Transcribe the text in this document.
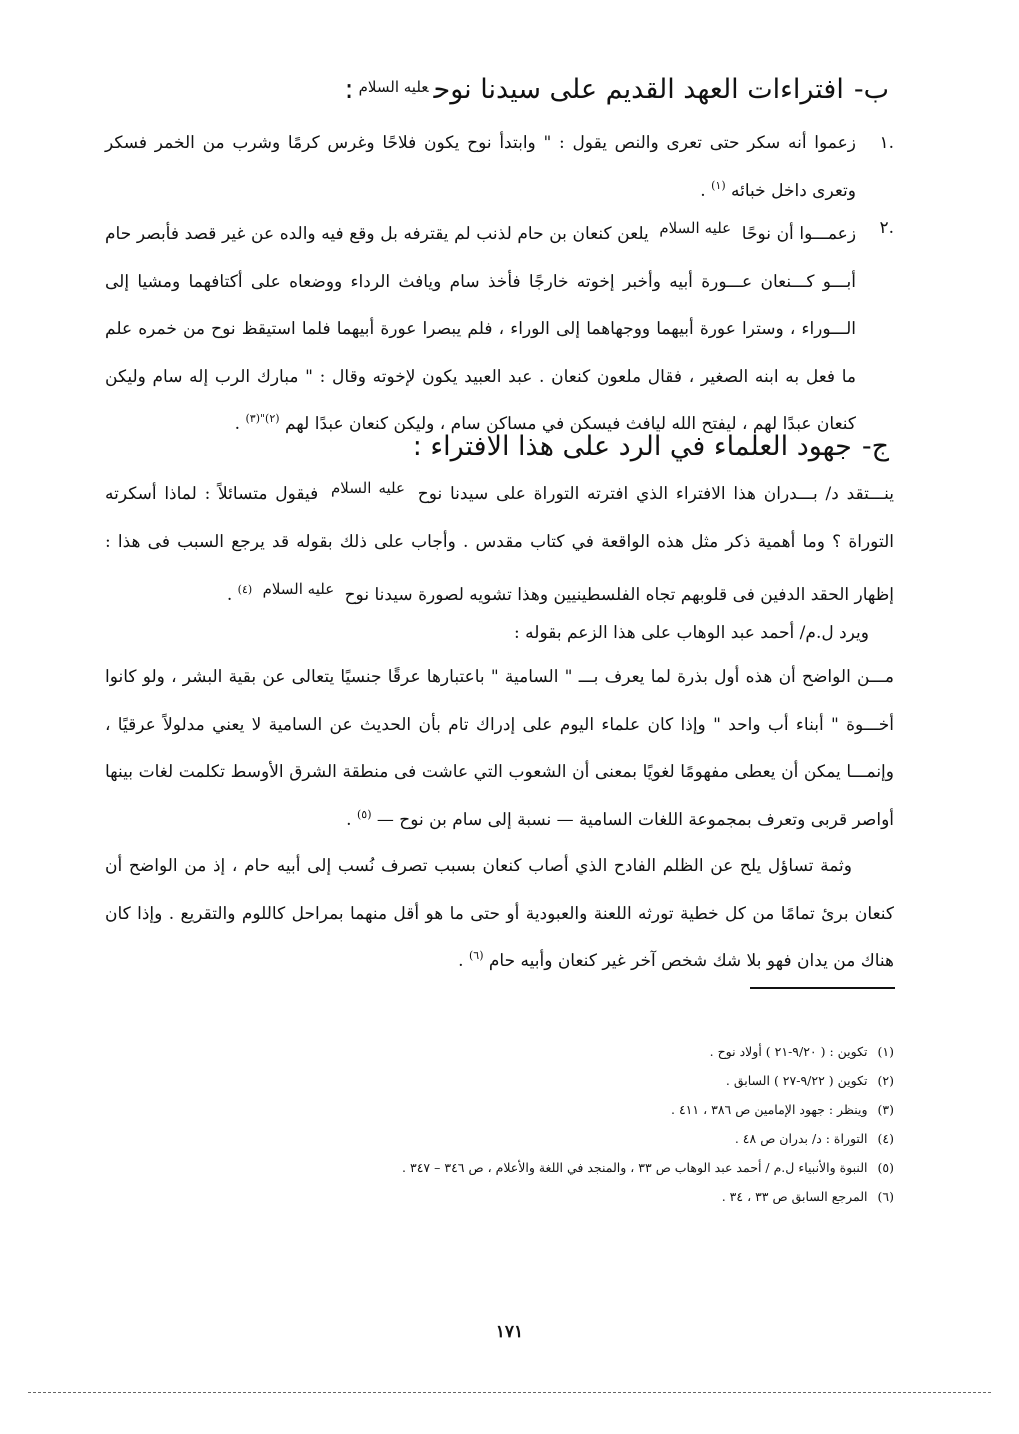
ب-افتراءات العهد القديم على سيدنا نوح$^{عليه السلام}$:

.١
زعموا أنه سكر حتى تعرى والنص يقول : " وابتدأ نوح يكون فلاحًا وغرس كرمًا وشرب من الخمر فسكر وتعرى داخل خبائه $^{(١)}$ .

.٢
زعمـــوا أن نوحًا عليه السلام يلعن كنعان بن حام لذنب لم يقترفه بل وقع فيه والده عن غير قصد فأبصر حام أبـــو كـــنعان عـــورة أبيه وأخبر إخوته خارجًا فأخذ سام ويافث الرداء ووضعاه على أكتافهما ومشيا إلى الـــوراء ، وسترا عورة أبيهما ووجهاهما إلى الوراء ، فلم يبصرا عورة أبيهما فلما استيقظ نوح من خمره علم ما فعل به ابنه الصغير ، فقال ملعون كنعان . عبد العبيد يكون لإخوته وقال : " مبارك الرب إله سام وليكن كنعان عبدًا لهم ، ليفتح الله ليافث فيسكن في مساكن سام ، وليكن كنعان عبدًا لهم $^{(٢)"(٣)}$ .

ج-جهود العلماء في الرد على هذا الافتراء :

ينـــتقد د/ بـــدران هذا الافتراء الذي افترته التوراة على سيدنا نوح عليه السلام فيقول متسائلاً : لماذا أسكرته التوراة ؟ وما أهمية ذكر مثل هذه الواقعة في كتاب مقدس . وأجاب على ذلك بقوله قد يرجع السبب فى هذا : إظهار الحقد الدفين فى قلوبهم تجاه الفلسطينيين وهذا تشويه لصورة سيدنا نوح عليه السلام $^{(٤)}$ .

ويرد ل.م/ أحمد عبد الوهاب على هذا الزعم بقوله :

مـــن الواضح أن هذه أول بذرة لما يعرف بـــ " السامية " باعتبارها عرقًا جنسيًا يتعالى عن بقية البشر ، ولو كانوا أخـــوة " أبناء أب واحد " وإذا كان علماء اليوم على إدراك تام بأن الحديث عن السامية لا يعني مدلولاً عرقيًا ، وإنمـــا يمكن أن يعطى مفهومًا لغويًا بمعنى أن الشعوب التي عاشت فى منطقة الشرق الأوسط تكلمت لغات بينها أواصر قربى وتعرف بمجموعة اللغات السامية — نسبة إلى سام بن نوح — $^{(٥)}$ .

وثمة تساؤل يلح عن الظلم الفادح الذي أصاب كنعان بسبب تصرف نُسب إلى أبيه حام ، إذ من الواضح أن كنعان برئ تمامًا من كل خطية تورثه اللعنة والعبودية أو حتى ما هو أقل منهما بمراحل كاللوم والتقريع . وإذا كان هناك من يدان فهو بلا شك شخص آخر غير كنعان وأبيه حام $^{(٦)}$ .

(١)تكوين : ( ٩/٢٠-٢١ ) أولاد نوح .
(٢)تكوين ( ٩/٢٢-٢٧ ) السابق .
(٣)وينظر : جهود الإمامين ص ٣٨٦ ، ٤١١ .
(٤)التوراة : د/ بدران ص ٤٨ .
(٥)النبوة والأنبياء ل.م / أحمد عبد الوهاب ص ٣٣ ، والمنجد في اللغة والأعلام ، ص ٣٤٦ – ٣٤٧ .
(٦)المرجع السابق ص ٣٣ ، ٣٤ .
١٧١
